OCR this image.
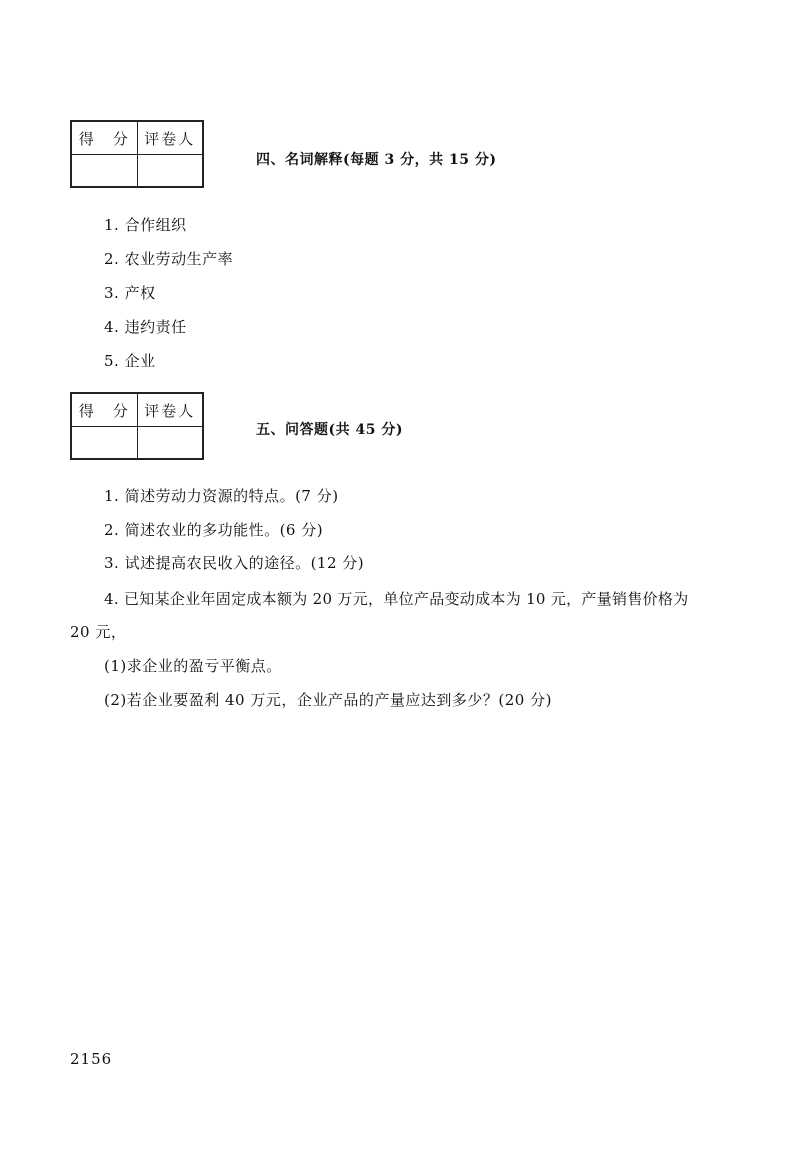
得　分 评卷人
四、名词解释(每题 3 分，共 15 分)
1. 合作组织
2. 农业劳动生产率
3. 产权
4. 违约责任
5. 企业
得　分 评卷人
五、问答题(共 45 分)
1. 简述劳动力资源的特点。(7 分)
2. 简述农业的多功能性。(6 分)
3. 试述提高农民收入的途径。(12 分)
4. 已知某企业年固定成本额为 20 万元，单位产品变动成本为 10 元，产量销售价格为
20 元，
(1)求企业的盈亏平衡点。
(2)若企业要盈利 40 万元，企业产品的产量应达到多少？(20 分)
2156
